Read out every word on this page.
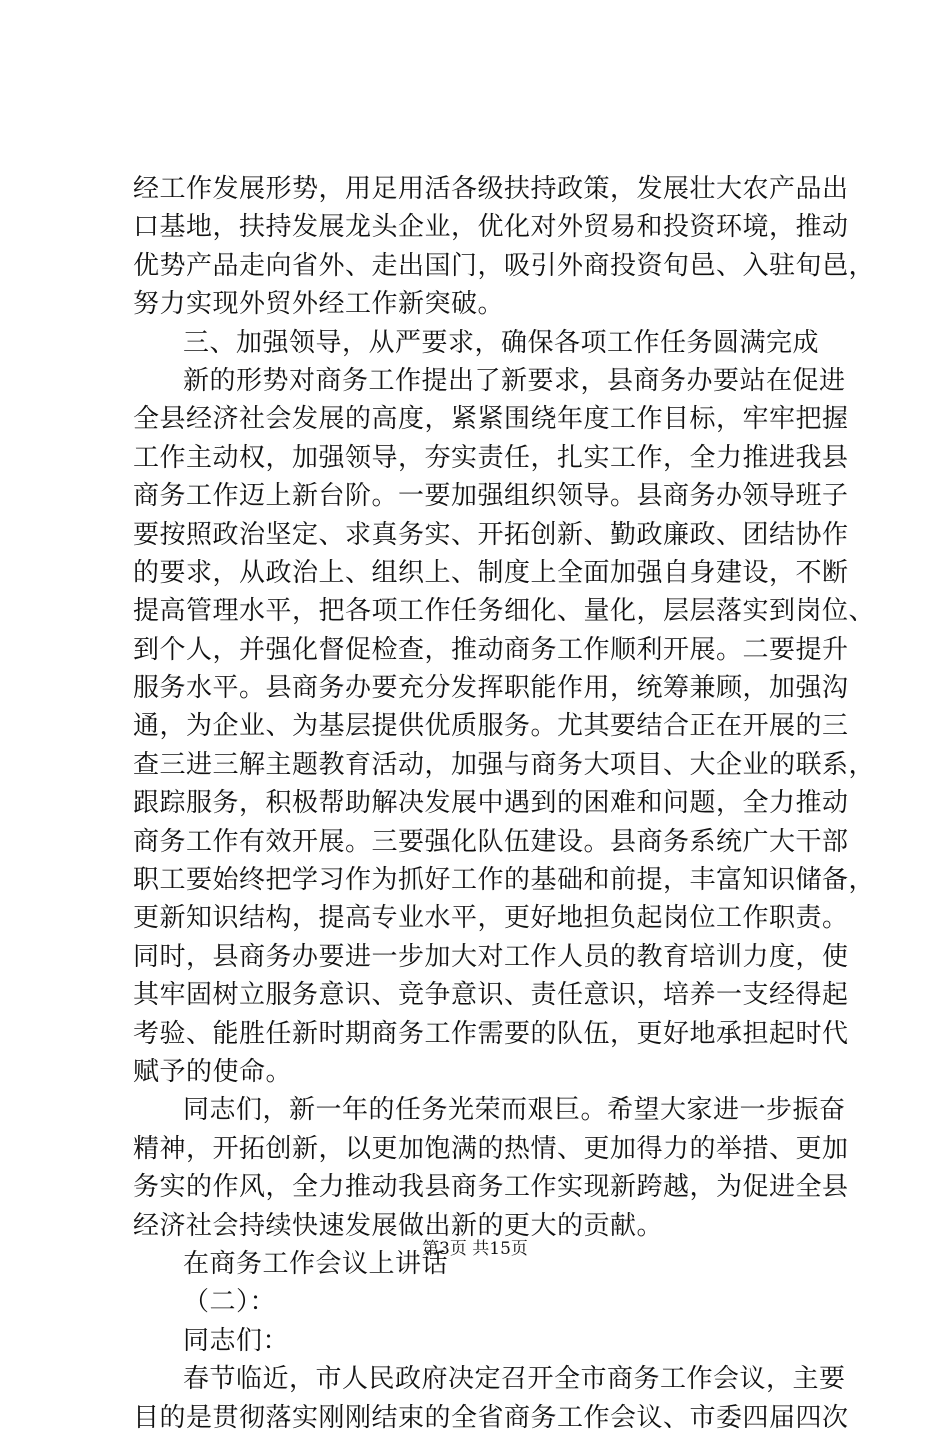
经工作发展形势，用足用活各级扶持政策，发展壮大农产品出
口基地，扶持发展龙头企业，优化对外贸易和投资环境，推动
优势产品走向省外、走出国门，吸引外商投资旬邑、入驻旬邑，
努力实现外贸外经工作新突破。
三、加强领导，从严要求，确保各项工作任务圆满完成
新的形势对商务工作提出了新要求，县商务办要站在促进
全县经济社会发展的高度，紧紧围绕年度工作目标，牢牢把握
工作主动权，加强领导，夯实责任，扎实工作，全力推进我县
商务工作迈上新台阶。一要加强组织领导。县商务办领导班子
要按照政治坚定、求真务实、开拓创新、勤政廉政、团结协作
的要求，从政治上、组织上、制度上全面加强自身建设，不断
提高管理水平，把各项工作任务细化、量化，层层落实到岗位、
到个人，并强化督促检查，推动商务工作顺利开展。二要提升
服务水平。县商务办要充分发挥职能作用，统筹兼顾，加强沟
通，为企业、为基层提供优质服务。尤其要结合正在开展的三
查三进三解主题教育活动，加强与商务大项目、大企业的联系，
跟踪服务，积极帮助解决发展中遇到的困难和问题，全力推动
商务工作有效开展。三要强化队伍建设。县商务系统广大干部
职工要始终把学习作为抓好工作的基础和前提，丰富知识储备，
更新知识结构，提高专业水平，更好地担负起岗位工作职责。
同时，县商务办要进一步加大对工作人员的教育培训力度，使
其牢固树立服务意识、竞争意识、责任意识，培养一支经得起
考验、能胜任新时期商务工作需要的队伍，更好地承担起时代
赋予的使命。
同志们，新一年的任务光荣而艰巨。希望大家进一步振奋
精神，开拓创新，以更加饱满的热情、更加得力的举措、更加
务实的作风，全力推动我县商务工作实现新跨越，为促进全县
经济社会持续快速发展做出新的更大的贡献。
在商务工作会议上讲话
（二）：
同志们：
春节临近，市人民政府决定召开全市商务工作会议，主要
目的是贯彻落实刚刚结束的全省商务工作会议、市委四届四次
第3页 共15页
